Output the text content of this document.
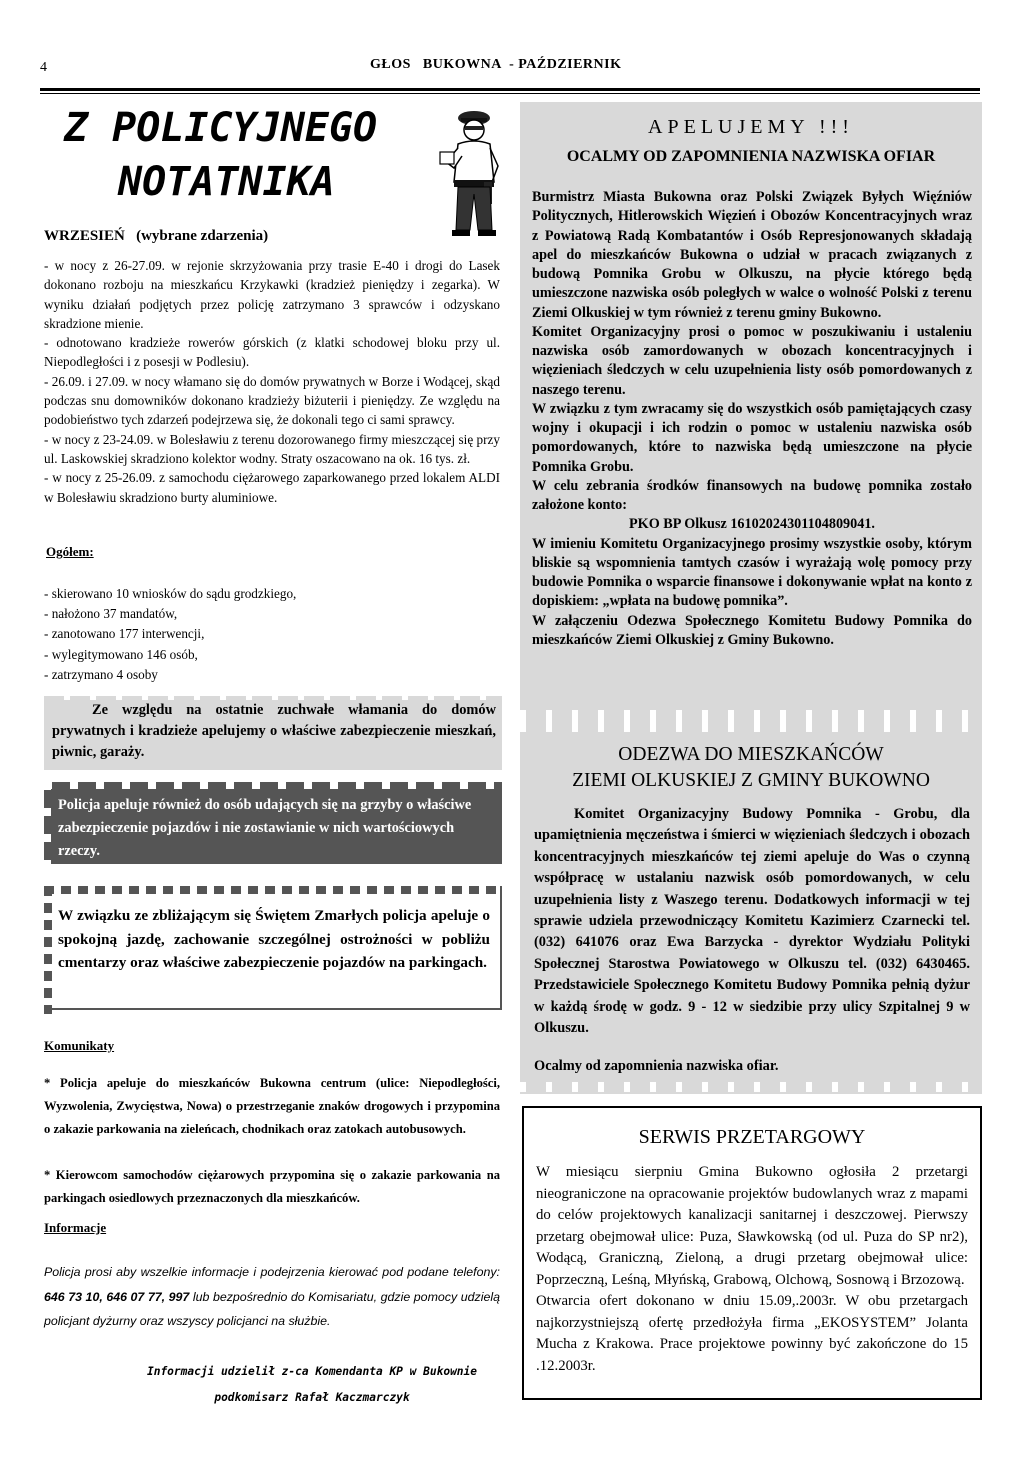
4	GŁOS   BUKOWNA  - PAŹDZIERNIK
Z POLICYJNEGO
NOTATNIKA
WRZESIEŃ   (wybrane zdarzenia)

- w nocy z 26-27.09. w rejonie skrzyżowania przy trasie E-40 i drogi do Lasek dokonano rozboju na mieszkańcu Krzykawki (kradzież pieniędzy i zegarka). W wyniku działań podjętych przez policję zatrzymano 3 sprawców i odzyskano skradzione mienie.

- odnotowano kradzieże rowerów górskich (z klatki schodowej bloku przy ul. Niepodległości i z posesji w Podlesiu).

- 26.09. i 27.09. w nocy włamano się do domów prywatnych w Borze i Wodącej, skąd podczas snu domowników dokonano kradzieży biżuterii i pieniędzy. Ze względu na podobieństwo tych zdarzeń podejrzewa się, że dokonali tego ci sami sprawcy.

- w nocy z 23-24.09. w Bolesławiu z terenu dozorowanego firmy mieszczącej się przy ul. Laskowskiej skradziono kolektor wodny. Straty oszacowano na ok. 16 tys. zł.

- w nocy z 25-26.09. z samochodu ciężarowego zaparkowanego przed lokalem ALDI w Bolesławiu skradziono burty aluminiowe.

Ogółem:
- skierowano 10 wniosków do sądu grodzkiego,
- nałożono 37 mandatów,
- zanotowano 177 interwencji,
- wylegitymowano 146 osób,
- zatrzymano 4 osoby
Ze względu na ostatnie zuchwałe włamania do domów prywatnych i kradzieże apelujemy o właściwe zabezpieczenie mieszkań, piwnic, garaży.
Policja apeluje również do osób udających się na grzyby o właściwe zabezpieczenie pojazdów i nie zostawianie w nich wartościowych rzeczy.
W związku ze zbliżającym się Świętem Zmarłych policja apeluje o spokojną jazdę, zachowanie szczególnej ostrożności w pobliżu cmentarzy oraz właściwe zabezpieczenie pojazdów na parkingach.
Komunikaty
* Policja apeluje do mieszkańców Bukowna centrum (ulice: Niepodległości, Wyzwolenia, Zwycięstwa, Nowa) o przestrzeganie znaków drogowych i przypomina o zakazie parkowania na zieleńcach, chodnikach oraz zatokach autobusowych.
* Kierowcom samochodów ciężarowych przypomina się o zakazie parkowania na parkingach osiedlowych przeznaczonych dla mieszkańców.
Informacje
Policja prosi aby wszelkie informacje i podejrzenia kierować pod podane telefony: 646 73 10, 646 07 77, 997 lub bezpośrednio do Komisariatu, gdzie pomocy udzielą policjant dyżurny oraz wszyscy policjanci na służbie.
Informacji udzielił z-ca Komendanta KP w Bukownie
podkomisarz Rafał Kaczmarczyk
APELUJEMY !!!
OCALMY OD ZAPOMNIENIA NAZWISKA OFIAR

Burmistrz Miasta Bukowna oraz Polski Związek Byłych Więźniów Politycznych, Hitlerowskich Więzień i Obozów Koncentracyjnych wraz z Powiatową Radą Kombatantów i Osób Represjonowanych składają apel do mieszkańców Bukowna o udział w pracach związanych z budową Pomnika Grobu w Olkuszu, na płycie którego będą umieszczone nazwiska osób poległych w walce o wolność Polski z terenu Ziemi Olkuskiej w tym również z terenu gminy Bukowno.

Komitet Organizacyjny prosi o pomoc w poszukiwaniu i ustaleniu nazwiska osób zamordowanych w obozach koncentracyjnych i więzieniach śledczych w celu uzupełnienia listy osób pomordowanych z naszego terenu.

W związku z tym zwracamy się do wszystkich osób pamiętających czasy wojny i okupacji i ich rodzin o pomoc w ustaleniu nazwiska osób pomordowanych, które to nazwiska będą umieszczone na płycie Pomnika Grobu.

W celu zebrania środków finansowych na budowę pomnika zostało założone konto:

PKO BP Olkusz 16102024301104809041.

W imieniu Komitetu Organizacyjnego prosimy wszystkie osoby, którym bliskie są wspomnienia tamtych czasów i wyrażają wolę pomocy przy budowie Pomnika o wsparcie finansowe i dokonywanie wpłat na konto z dopiskiem: „wpłata na budowę pomnika”.

W załączeniu Odezwa Społecznego Komitetu Budowy Pomnika do mieszkańców Ziemi Olkuskiej z Gminy Bukowno.

ODEZWA DO MIESZKAŃCÓW
ZIEMI OLKUSKIEJ Z GMINY BUKOWNO
Komitet Organizacyjny Budowy Pomnika - Grobu, dla upamiętnienia męczeństwa i śmierci w więzieniach śledczych i obozach koncentracyjnych mieszkańców tej ziemi apeluje do Was o czynną współpracę w ustalaniu nazwisk osób pomordowanych, w celu uzupełnienia listy z Waszego terenu. Dodatkowych informacji w tej sprawie udziela przewodniczący Komitetu Kazimierz Czarnecki tel. (032) 641076 oraz Ewa Barzycka - dyrektor Wydziału Polityki Społecznej Starostwa Powiatowego w Olkuszu tel. (032) 6430465. Przedstawiciele Społecznego Komitetu Budowy Pomnika pełnią dyżur w każdą środę w godz. 9 - 12 w siedzibie przy ulicy Szpitalnej 9 w Olkuszu.
Ocalmy od zapomnienia nazwiska ofiar.
SERWIS PRZETARGOWY
W miesiącu sierpniu Gmina Bukowno ogłosiła 2 przetargi nieograniczone na opracowanie projektów budowlanych wraz z mapami do celów projektowych kanalizacji sanitarnej i deszczowej. Pierwszy przetarg obejmował ulice: Puza, Sławkowską (od ul. Puza do SP nr2), Wodącą, Graniczną, Zieloną, a drugi przetarg obejmował ulice: Poprzeczną, Leśną, Młyńską, Grabową, Olchową, Sosnową i Brzozową.
Otwarcia ofert dokonano w dniu 15.09,.2003r. W obu przetargach najkorzystniejszą ofertę przedłożyła firma „EKOSYSTEM” Jolanta Mucha z Krakowa. Prace projektowe powinny być zakończone do 15 .12.2003r.
